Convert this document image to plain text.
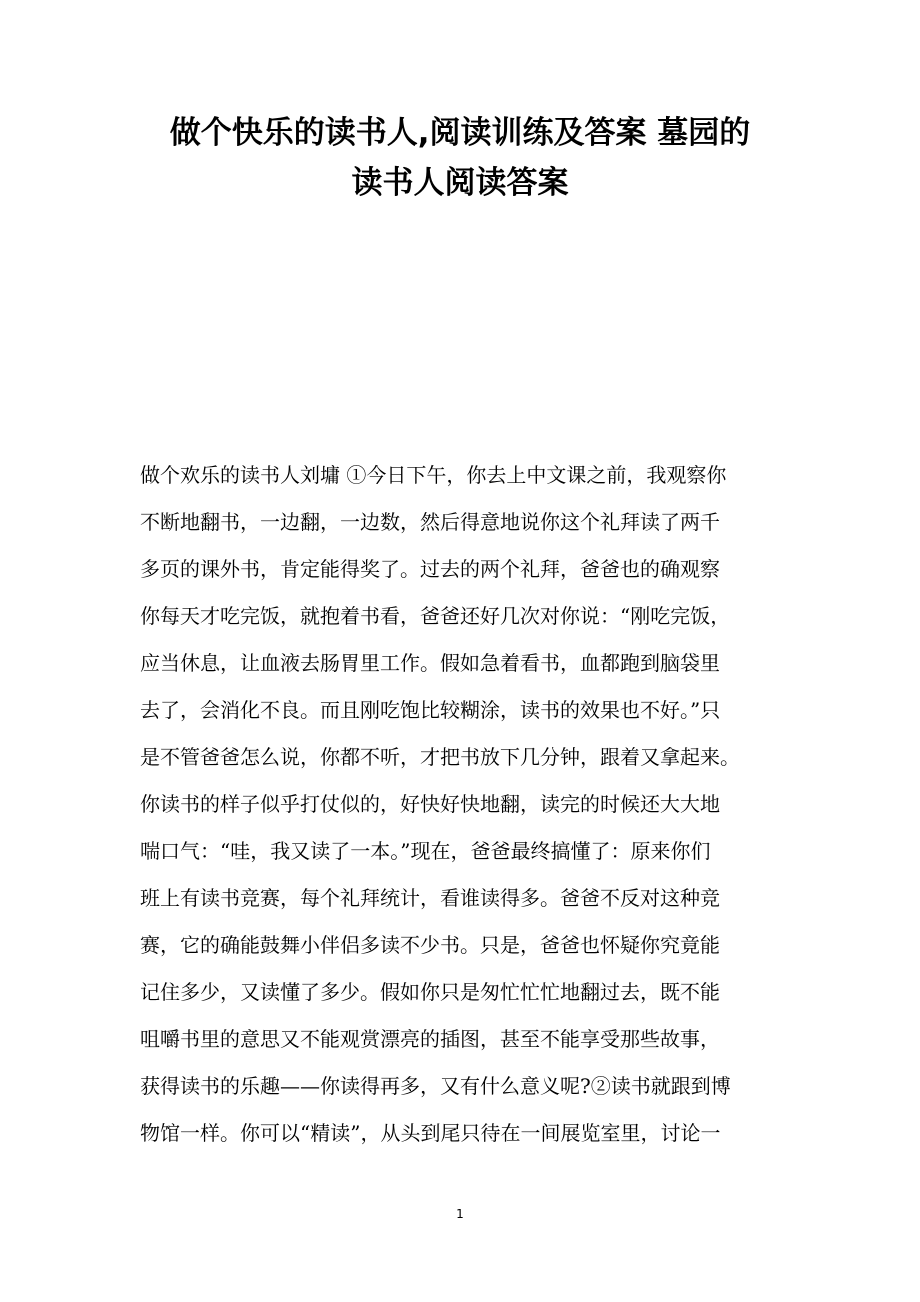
做个快乐的读书人,阅读训练及答案 墓园的
读书人阅读答案
做个欢乐的读书人刘墉 ①今日下午，你去上中文课之前，我观察你
不断地翻书，一边翻，一边数，然后得意地说你这个礼拜读了两千
多页的课外书，肯定能得奖了。过去的两个礼拜，爸爸也的确观察
你每天才吃完饭，就抱着书看，爸爸还好几次对你说：“刚吃完饭，
应当休息，让血液去肠胃里工作。假如急着看书，血都跑到脑袋里
去了，会消化不良。而且刚吃饱比较糊涂，读书的效果也不好。”只
是不管爸爸怎么说，你都不听，才把书放下几分钟，跟着又拿起来。
你读书的样子似乎打仗似的，好快好快地翻，读完的时候还大大地
喘口气：“哇，我又读了一本。”现在，爸爸最终搞懂了：原来你们
班上有读书竞赛，每个礼拜统计，看谁读得多。爸爸不反对这种竞
赛，它的确能鼓舞小伴侣多读不少书。只是，爸爸也怀疑你究竟能
记住多少，又读懂了多少。假如你只是匆忙忙忙地翻过去，既不能
咀嚼书里的意思又不能观赏漂亮的插图，甚至不能享受那些故事，
获得读书的乐趣——你读得再多，又有什么意义呢?②读书就跟到博
物馆一样。你可以“精读”，从头到尾只待在一间展览室里，讨论一
1
